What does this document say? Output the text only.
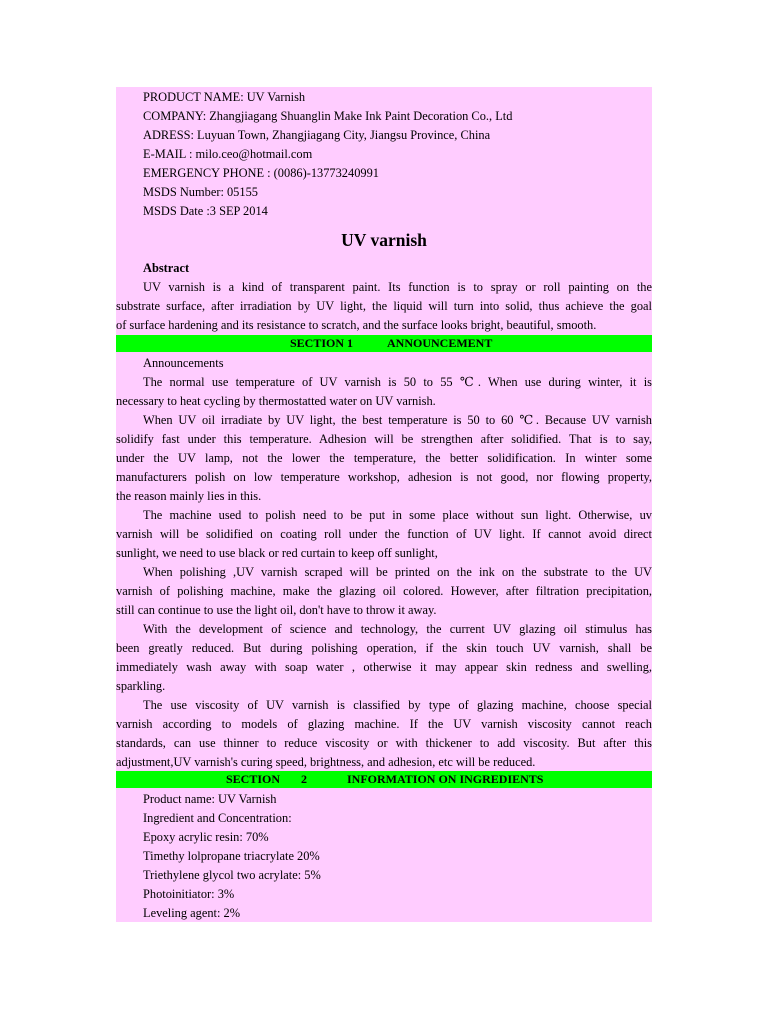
PRODUCT NAME: UV Varnish
COMPANY: Zhangjiagang Shuanglin Make Ink Paint Decoration Co., Ltd
ADRESS: Luyuan Town, Zhangjiagang City, Jiangsu Province, China
E-MAIL : milo.ceo@hotmail.com
EMERGENCY PHONE : (0086)-13773240991
MSDS Number: 05155
MSDS Date :3 SEP 2014
UV varnish
Abstract
UV varnish is a kind of transparent paint. Its function is to spray or roll painting on the
substrate surface, after irradiation by UV light, the liquid will turn into solid, thus achieve the goal
of surface hardening and its resistance to scratch, and the surface looks bright, beautiful, smooth.
SECTION 1	ANNOUNCEMENT
Announcements
The normal use temperature of UV varnish is 50 to 55 ℃. When use during winter, it is
necessary to heat cycling by thermostatted water on UV varnish.
When UV oil irradiate by UV light, the best temperature is 50 to 60 ℃. Because UV varnish
solidify fast under this temperature. Adhesion will be strengthen after solidified. That is to say,
under the UV lamp, not the lower the temperature, the better solidification. In winter some
manufacturers polish on low temperature workshop, adhesion is not good, nor flowing property,
the reason mainly lies in this.
The machine used to polish need to be put in some place without sun light. Otherwise, uv
varnish will be solidified on coating roll under the function of UV light. If cannot avoid direct
sunlight, we need to use black or red curtain to keep off sunlight,
When polishing ,UV varnish scraped will be printed on the ink on the substrate to the UV
varnish of polishing machine, make the glazing oil colored. However, after filtration precipitation,
still can continue to use the light oil, don't have to throw it away.
With the development of science and technology, the current UV glazing oil stimulus has
been greatly reduced. But during polishing operation, if the skin touch UV varnish, shall be
immediately wash away with soap water , otherwise it may appear skin redness and swelling,
sparkling.
The use viscosity of UV varnish is classified by type of glazing machine, choose special
varnish according to models of glazing machine. If the UV varnish viscosity cannot reach
standards, can use thinner to reduce viscosity or with thickener to add viscosity. But after this
adjustment,UV varnish's curing speed, brightness, and adhesion, etc will be reduced.
SECTION 2	INFORMATION ON INGREDIENTS
Product name: UV Varnish
Ingredient and Concentration:
Epoxy acrylic resin: 70%
Timethy lolpropane triacrylate 20%
Triethylene glycol two acrylate: 5%
Photoinitiator: 3%
Leveling agent: 2%
